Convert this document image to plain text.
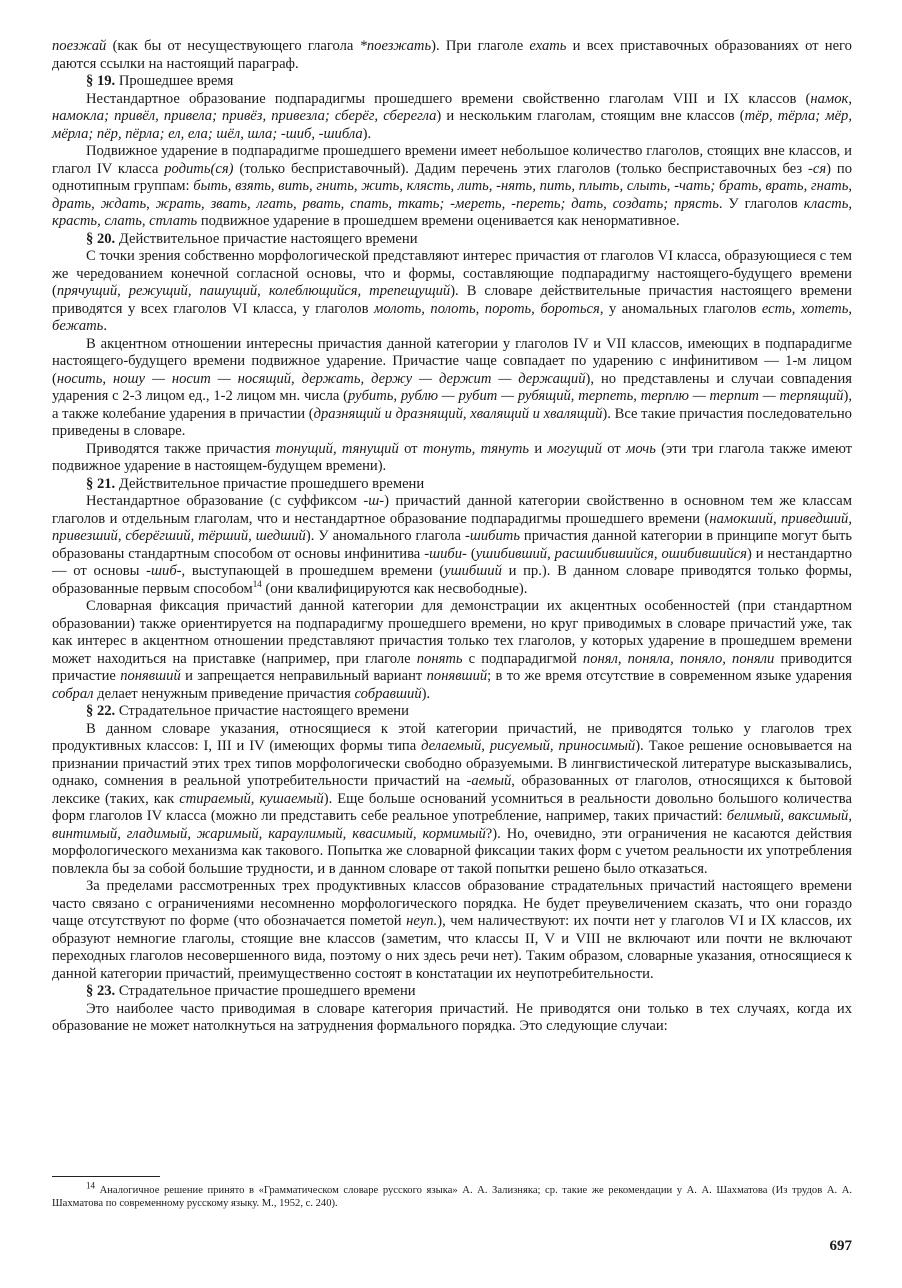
поезжай (как бы от несуществующего глагола *поезжать). При глаголе ехать и всех приставочных образованиях от него даются ссылки на настоящий параграф.

§ 19. Прошедшее время

Нестандартное образование подпарадигмы прошедшего времени свойственно глаголам VIII и IX классов (намок, намокла; привёл, привела; привёз, привезла; сберёг, сберегла) и нескольким глаголам, стоящим вне классов (тёр, тёрла; мёр, мёрла; пёр, пёрла; ел, ела; шёл, шла; -шиб, -шибла).

Подвижное ударение в подпарадигме прошедшего времени имеет небольшое количество глаголов, стоящих вне классов, и глагол IV класса родить(ся) (только бесприставочный). Дадим перечень этих глаголов (только бесприставочных без -ся) по однотипным группам: быть, взять, вить, гнить, жить, клясть, лить, -нять, пить, плыть, слыть, -чать; брать, врать, гнать, драть, ждать, жрать, звать, лгать, рвать, спать, ткать; -мереть, -переть; дать, создать; прясть. У глаголов класть, красть, слать, стлать подвижное ударение в прошедшем времени оценивается как ненормативное.

§ 20. Действительное причастие настоящего времени

С точки зрения собственно морфологической представляют интерес причастия от глаголов VI класса, образующиеся с тем же чередованием конечной согласной основы, что и формы, составляющие подпарадигму настоящего-будущего времени (прячущий, режущий, пашущий, колеблющийся, трепещущий). В словаре действительные причастия настоящего времени приводятся у всех глаголов VI класса, у глаголов молоть, полоть, пороть, бороться, у аномальных глаголов есть, хотеть, бежать.

В акцентном отношении интересны причастия данной категории у глаголов IV и VII классов, имеющих в подпарадигме настоящего-будущего времени подвижное ударение. Причастие чаще совпадает по ударению с инфинитивом — 1-м лицом (носить, ношу — носит — носящий, держать, держу — держит — держащий), но представлены и случаи совпадения ударения с 2-3 лицом ед., 1-2 лицом мн. числа (рубить, рублю — рубит — рубящий, терпеть, терплю — терпит — терпящий), а также колебание ударения в причастии (дразнящий и дразнящий, хвалящий и хвалящий). Все такие причастия последовательно приведены в словаре.

Приводятся также причастия тонущий, тянущий от тонуть, тянуть и могущий от мочь (эти три глагола также имеют подвижное ударение в настоящем-будущем времени).

§ 21. Действительное причастие прошедшего времени

Нестандартное образование (с суффиксом -ш-) причастий данной категории свойственно в основном тем же классам глаголов и отдельным глаголам, что и нестандартное образование подпарадигмы прошедшего времени (намокший, приведший, привезший, сберёгший, тёрший, шедший). У аномального глагола -шибить причастия данной категории в принципе могут быть образованы стандартным способом от основы инфинитива -шиби- (ушибивший, расшибившийся, ошибившийся) и нестандартно — от основы -шиб-, выступающей в прошедшем времени (ушибший и пр.). В данном словаре приводятся только формы, образованные первым способом$^{14}$ (они квалифицируются как несвободные).

Словарная фиксация причастий данной категории для демонстрации их акцентных особенностей (при стандартном образовании) также ориентируется на подпарадигму прошедшего времени, но круг приводимых в словаре причастий уже, так как интерес в акцентном отношении представляют причастия только тех глаголов, у которых ударение в прошедшем времени может находиться на приставке (например, при глаголе понять с подпарадигмой понял, поняла, поняло, поняли приводится причастие понявший и запрещается неправильный вариант понявший; в то же время отсутствие в современном языке ударения собрал делает ненужным приведение причастия собравший).

§ 22. Страдательное причастие настоящего времени

В данном словаре указания, относящиеся к этой категории причастий, не приводятся только у глаголов трех продуктивных классов: I, III и IV (имеющих формы типа делаемый, рисуемый, приносимый). Такое решение основывается на признании причастий этих трех типов морфологически свободно образуемыми. В лингвистической литературе высказывались, однако, сомнения в реальной употребительности причастий на -аемый, образованных от глаголов, относящихся к бытовой лексике (таких, как стираемый, кушаемый). Еще больше оснований усомниться в реальности довольно большого количества форм глаголов IV класса (можно ли представить себе реальное употребление, например, таких причастий: белимый, ваксимый, винтимый, гладимый, жаримый, караулимый, квасимый, кормимый?). Но, очевидно, эти ограничения не касаются действия морфологического механизма как такового. Попытка же словарной фиксации таких форм с учетом реальности их употребления повлекла бы за собой большие трудности, и в данном словаре от такой попытки решено было отказаться.

За пределами рассмотренных трех продуктивных классов образование страдательных причастий настоящего времени часто связано с ограничениями несомненно морфологического порядка. Не будет преувеличением сказать, что они гораздо чаще отсутствуют по форме (что обозначается пометой неуп.), чем наличествуют: их почти нет у глаголов VI и IX классов, их образуют немногие глаголы, стоящие вне классов (заметим, что классы II, V и VIII не включают или почти не включают переходных глаголов несовершенного вида, поэтому о них здесь речи нет). Таким образом, словарные указания, относящиеся к данной категории причастий, преимущественно состоят в констатации их неупотребительности.

§ 23. Страдательное причастие прошедшего времени

Это наиболее часто приводимая в словаре категория причастий. Не приводятся они только в тех случаях, когда их образование не может натолкнуться на затруднения формального порядка. Это следующие случаи:

$^{14}$ Аналогичное решение принято в «Грамматическом словаре русского языка» А. А. Зализняка; ср. такие же рекомендации у А. А. Шахматова (Из трудов А. А. Шахматова по современному русскому языку. М., 1952, с. 240).

697
